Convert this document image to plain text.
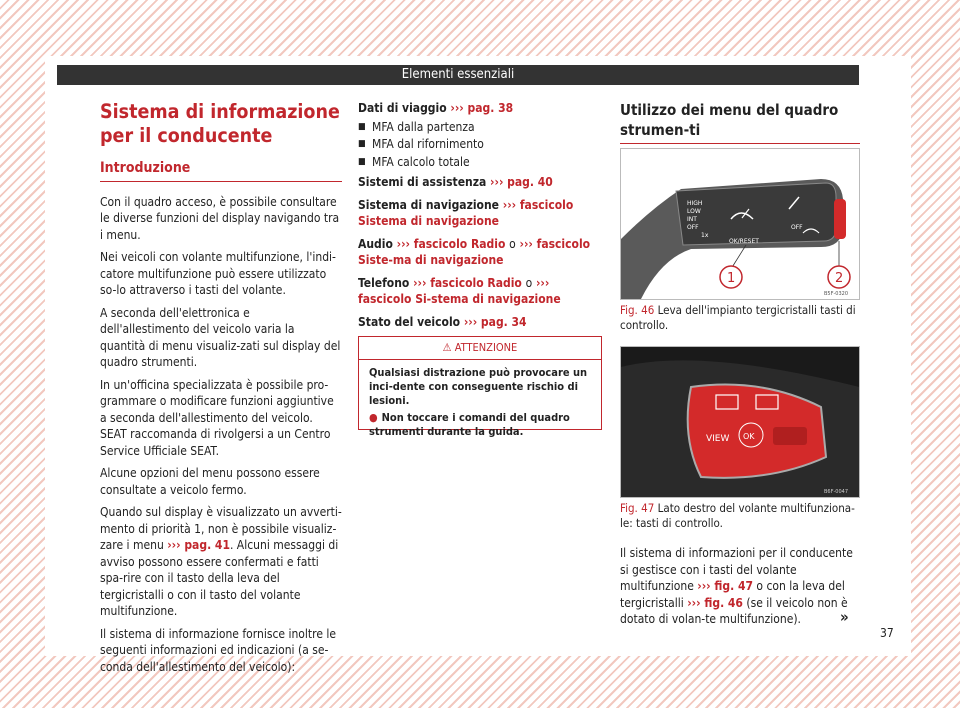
Elementi essenziali
Sistema di informazione per il conducente
Introduzione

Con il quadro acceso, è possibile consultare le diverse funzioni del display navigando tra i menu.

Nei veicoli con volante multifunzione, l'indi-catore multifunzione può essere utilizzato so-lo attraverso i tasti del volante.

A seconda dell'elettronica e dell'allestimento del veicolo varia la quantità di menu visualiz-zati sul display del quadro strumenti.

In un'officina specializzata è possibile pro-grammare o modificare funzioni aggiuntive a seconda dell'allestimento del veicolo. SEAT raccomanda di rivolgersi a un Centro Service Ufficiale SEAT.

Alcune opzioni del menu possono essere consultate a veicolo fermo.

Quando sul display è visualizzato un avverti-mento di priorità 1, non è possibile visualiz-zare i menu ››› pag. 41. Alcuni messaggi di avviso possono essere confermati e fatti spa-rire con il tasto della leva del tergicristalli o con il tasto del volante multifunzione.

Il sistema di informazione fornisce inoltre le seguenti informazioni ed indicazioni (a se-conda dell'allestimento del veicolo):

Dati di viaggio ››› pag. 38
■ MFA dalla partenza
■ MFA dal rifornimento
■ MFA calcolo totale

Sistemi di assistenza ››› pag. 40

Sistema di navigazione ››› fascicolo Sistema di navigazione

Audio ››› fascicolo Radio o ››› fascicolo Siste-ma di navigazione

Telefono ››› fascicolo Radio o ››› fascicolo Si-stema di navigazione

Stato del veicolo ››› pag. 34

⚠ ATTENZIONE

Qualsiasi distrazione può provocare un inci-dente con conseguente rischio di lesioni.

● Non toccare i comandi del quadro strumenti durante la guida.

Utilizzo dei menu del quadro strumen-ti
HIGH
LOW
INT
OFF
1x
OFF
OK/RESET
1	2
B5F-0320
Fig. 46 Leva dell'impianto tergicristalli tasti di controllo.
VIEW OK
B6F-0047
Fig. 47 Lato destro del volante multifunziona-le: tasti di controllo.

Il sistema di informazioni per il conducente si gestisce con i tasti del volante multifunzione ››› fig. 47 o con la leva del tergicristalli ››› fig. 46 (se il veicolo non è dotato di volan-te multifunzione).	»
37
